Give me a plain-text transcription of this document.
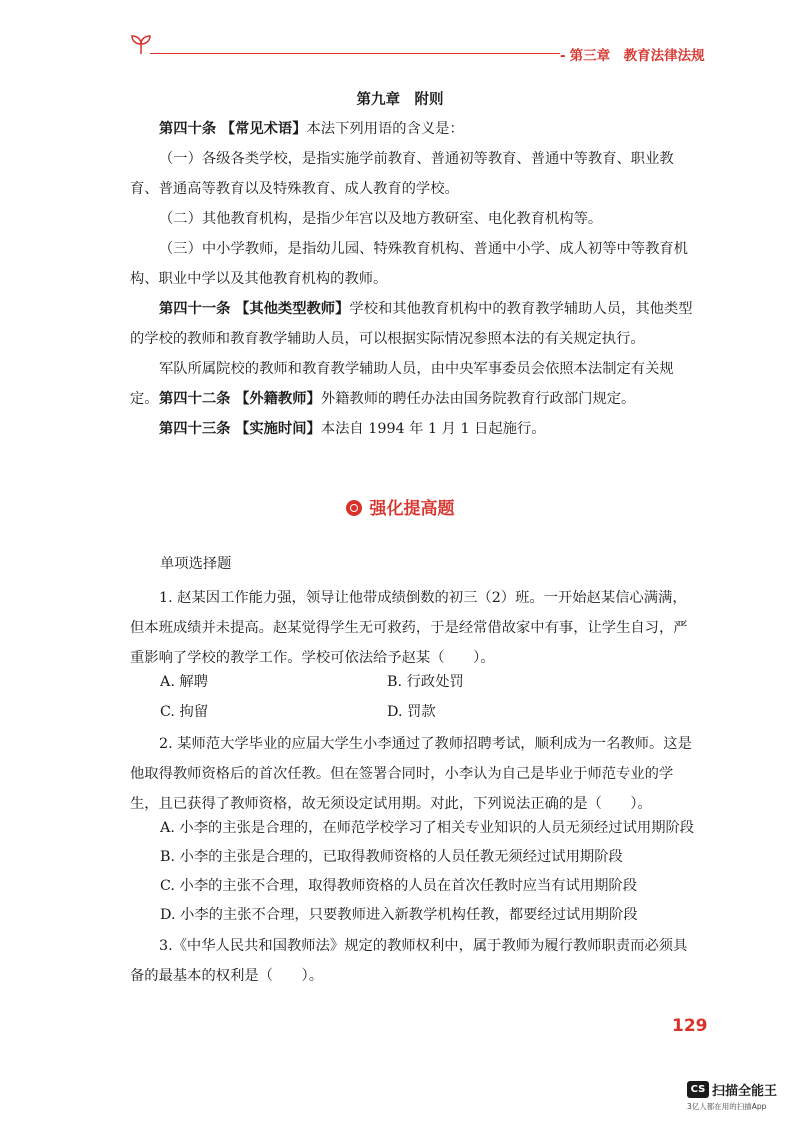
- 第三章　教育法律法规
第九章　附则

第四十条 【常见术语】本法下列用语的含义是：

（一）各级各类学校，是指实施学前教育、普通初等教育、普通中等教育、职业教育、普通高等教育以及特殊教育、成人教育的学校。

（二）其他教育机构，是指少年宫以及地方教研室、电化教育机构等。

（三）中小学教师，是指幼儿园、特殊教育机构、普通中小学、成人初等中等教育机构、职业中学以及其他教育机构的教师。

第四十一条 【其他类型教师】学校和其他教育机构中的教育教学辅助人员，其他类型的学校的教师和教育教学辅助人员，可以根据实际情况参照本法的有关规定执行。

军队所属院校的教师和教育教学辅助人员，由中央军事委员会依照本法制定有关规定。 第四十二条 【外籍教师】外籍教师的聘任办法由国务院教育行政部门规定。

第四十三条 【实施时间】本法自 1994 年 1 月 1 日起施行。

强化提高题
单项选择题

1. 赵某因工作能力强，领导让他带成绩倒数的初三（2）班。一开始赵某信心满满，但本班成绩并未提高。赵某觉得学生无可救药，于是经常借故家中有事，让学生自习，严重影响了学校的教学工作。学校可依法给予赵某（　　）。

A. 解聘	B. 行政处罚
C. 拘留	D. 罚款

2. 某师范大学毕业的应届大学生小李通过了教师招聘考试，顺利成为一名教师。这是他取得教师资格后的首次任教。但在签署合同时，小李认为自己是毕业于师范专业的学生，且已获得了教师资格，故无须设定试用期。对此，下列说法正确的是（　　）。

A. 小李的主张是合理的，在师范学校学习了相关专业知识的人员无须经过试用期阶段
B. 小李的主张是合理的，已取得教师资格的人员任教无须经过试用期阶段
C. 小李的主张不合理，取得教师资格的人员在首次任教时应当有试用期阶段
D. 小李的主张不合理，只要教师进入新教学机构任教，都要经过试用期阶段

3.《中华人民共和国教师法》规定的教师权利中，属于教师为履行教师职责而必须具备的最基本的权利是（　　）。

129
CS 扫描全能王
3亿人都在用的扫描App
